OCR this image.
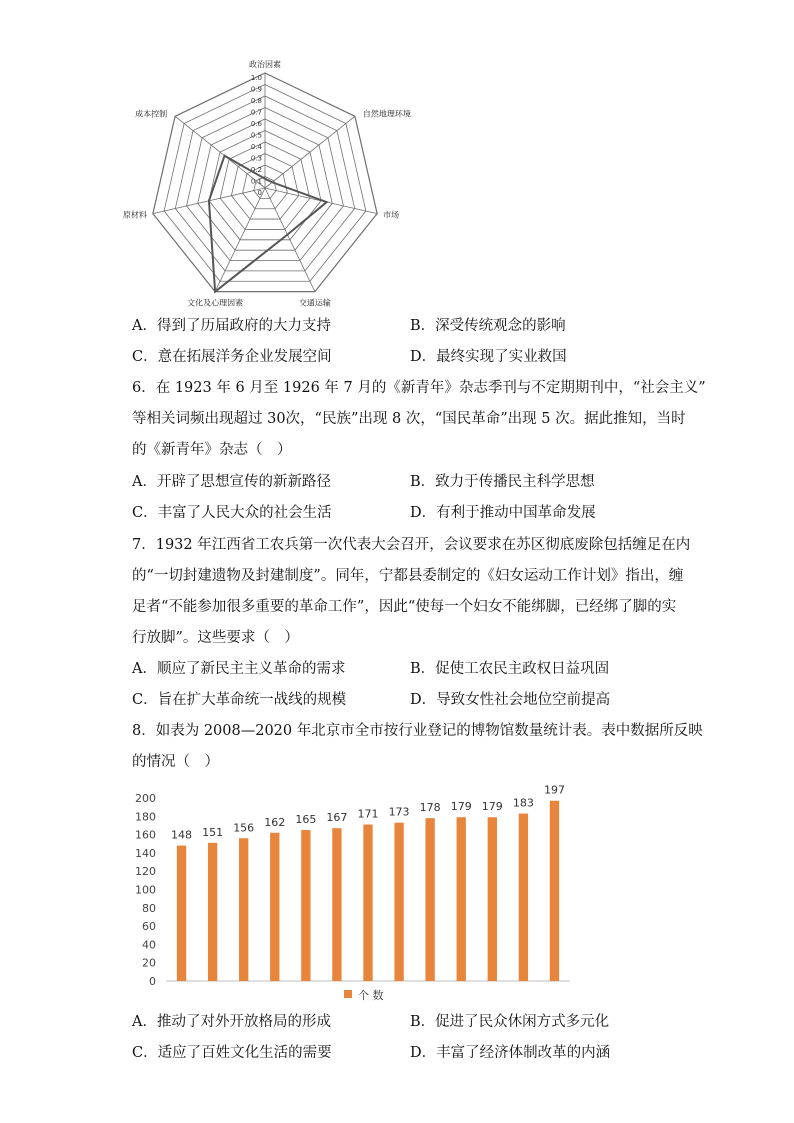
1.0
0.9
0.8
0.7
0.6
0.5
0.4
0.3
0.2
0.1
0
政治因素
自然地理环境
市场
交通运输
文化及心理因素
原材料
成本控制
A．得到了历届政府的大力支持	B．深受传统观念的影响
C．意在拓展洋务企业发展空间	D．最终实现了实业救国
6．在 1923 年 6 月至 1926 年 7 月的《新青年》杂志季刊与不定期期刊中，“社会主义”
等相关词频出现超过 30次，“民族”出现 8 次，“国民革命”出现 5 次。据此推知，当时
的《新青年》杂志（　）
A．开辟了思想宣传的新新路径	B．致力于传播民主科学思想
C．丰富了人民大众的社会生活	D．有利于推动中国革命发展
7．1932 年江西省工农兵第一次代表大会召开，会议要求在苏区彻底废除包括缠足在内
的“一切封建遗物及封建制度”。同年，宁都县委制定的《妇女运动工作计划》指出，缠
足者“不能参加很多重要的革命工作”，因此“使每一个妇女不能绑脚，已经绑了脚的实
行放脚”。这些要求（　）
A．顺应了新民主主义革命的需求	B．促使工农民主政权日益巩固
C．旨在扩大革命统一战线的规模	D．导致女性社会地位空前提高
8．如表为 2008—2020 年北京市全市按行业登记的博物馆数量统计表。表中数据所反映
的情况（　）
0
20
40
60
80
100
120
140
160
180
200
148 151 156 162 165 167 171 173 178 179 179 183
197
个 数
A．推动了对外开放格局的形成	B．促进了民众休闲方式多元化
C．适应了百姓文化生活的需要	D．丰富了经济体制改革的内涵
